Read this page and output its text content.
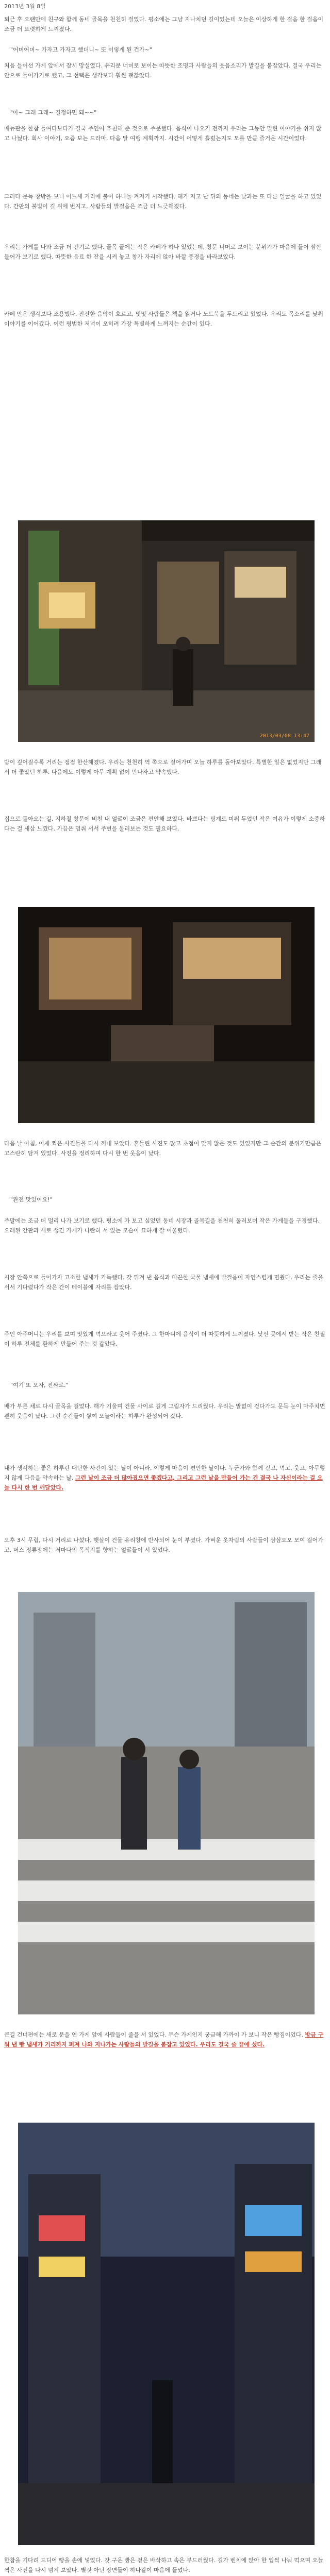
2013년 3월 8일
퇴근 후 오랜만에 친구와 함께 동네 골목을 천천히 걸었다. 평소에는 그냥 지나치던 길이었는데 오늘은 이상하게 한 걸음 한 걸음이 조금 더 또렷하게 느껴졌다.
"어머어머~ 가자고 가자고 했더니~ 또 이렇게 된 건가~"
처음 들어선 가게 앞에서 잠시 망설였다. 유리문 너머로 보이는 따뜻한 조명과 사람들의 웃음소리가 발길을 붙잡았다. 결국 우리는 안으로 들어가기로 했고, 그 선택은 생각보다 훨씬 괜찮았다.
"아~ 그래 그래~ 결정하면 돼~~"
메뉴판을 한참 들여다보다가 결국 주인이 추천해 준 것으로 주문했다. 음식이 나오기 전까지 우리는 그동안 밀린 이야기를 쉬지 않고 나눴다. 회사 이야기, 요즘 보는 드라마, 다음 달 여행 계획까지. 시간이 어떻게 흘렀는지도 모를 만큼 즐거운 시간이었다.
그러다 문득 창밖을 보니 어느새 거리에 불이 하나둘 켜지기 시작했다. 해가 지고 난 뒤의 동네는 낮과는 또 다른 얼굴을 하고 있었다. 간판의 불빛이 길 위에 번지고, 사람들의 발걸음은 조금 더 느긋해졌다.
우리는 가게를 나와 조금 더 걷기로 했다. 골목 끝에는 작은 카페가 하나 있었는데, 창문 너머로 보이는 분위기가 마음에 들어 잠깐 들어가 보기로 했다. 따뜻한 음료 한 잔을 시켜 놓고 창가 자리에 앉아 바깥 풍경을 바라보았다.
카페 안은 생각보다 조용했다. 잔잔한 음악이 흐르고, 몇몇 사람들은 책을 읽거나 노트북을 두드리고 있었다. 우리도 목소리를 낮춰 이야기를 이어갔다. 이런 평범한 저녁이 오히려 가장 특별하게 느껴지는 순간이 있다.
2013/03/08 13:47
밤이 깊어질수록 거리는 점점 한산해졌다. 우리는 천천히 역 쪽으로 걸어가며 오늘 하루를 돌아보았다. 특별한 일은 없었지만 그래서 더 좋았던 하루. 다음에도 이렇게 아무 계획 없이 만나자고 약속했다.
집으로 돌아오는 길, 지하철 창문에 비친 내 얼굴이 조금은 편안해 보였다. 바쁘다는 핑계로 미뤄 두었던 작은 여유가 이렇게 소중하다는 걸 새삼 느꼈다. 가끔은 멈춰 서서 주변을 둘러보는 것도 필요하다.
다음 날 아침, 어제 찍은 사진들을 다시 꺼내 보았다. 흔들린 사진도 많고 초점이 맞지 않은 것도 있었지만 그 순간의 분위기만큼은 고스란히 담겨 있었다. 사진을 정리하며 다시 한 번 웃음이 났다.
"완전 맛있어요!"
주말에는 조금 더 멀리 나가 보기로 했다. 평소에 가 보고 싶었던 동네 시장과 골목길을 천천히 둘러보며 작은 가게들을 구경했다. 오래된 간판과 새로 생긴 가게가 나란히 서 있는 모습이 묘하게 잘 어울렸다.
시장 안쪽으로 들어가자 고소한 냄새가 가득했다. 갓 튀겨 낸 음식과 따끈한 국물 냄새에 발걸음이 자연스럽게 멈췄다. 우리는 줄을 서서 기다렸다가 작은 간이 테이블에 자리를 잡았다.
주인 아주머니는 우리를 보며 맛있게 먹으라고 웃어 주셨다. 그 한마디에 음식이 더 따뜻하게 느껴졌다. 낯선 곳에서 받는 작은 친절이 하루 전체를 환하게 만들어 주는 것 같았다.
"여기 또 오자, 진짜로."
배가 부른 채로 다시 골목을 걸었다. 해가 기울며 건물 사이로 길게 그림자가 드리웠다. 우리는 말없이 걷다가도 문득 눈이 마주치면 괜히 웃음이 났다. 그런 순간들이 쌓여 오늘이라는 하루가 완성되어 갔다.
내가 생각하는 좋은 하루란 대단한 사건이 있는 날이 아니라, 이렇게 마음이 편안한 날이다. 누군가와 함께 걷고, 먹고, 웃고, 아무렇지 않게 다음을 약속하는 날. 그런 날이 조금 더 많아졌으면 좋겠다고, 그리고 그런 날을 만들어 가는 건 결국 나 자신이라는 걸 오늘 다시 한 번 깨달았다.
오후 3시 무렵, 다시 거리로 나섰다. 햇살이 건물 유리창에 반사되어 눈이 부셨다. 가벼운 옷차림의 사람들이 삼삼오오 모여 걸어가고, 버스 정류장에는 저마다의 목적지를 향하는 얼굴들이 서 있었다.
큰길 건너편에는 새로 문을 연 가게 앞에 사람들이 줄을 서 있었다. 무슨 가게인지 궁금해 가까이 가 보니 작은 빵집이었다. 방금 구워 낸 빵 냄새가 거리까지 퍼져 나와 지나가는 사람들의 발길을 붙잡고 있었다. 우리도 결국 줄 끝에 섰다.
한참을 기다려 드디어 빵을 손에 넣었다. 갓 구운 빵은 겉은 바삭하고 속은 부드러웠다. 길가 벤치에 앉아 한 입씩 나눠 먹으며 오늘 찍은 사진을 다시 넘겨 보았다. 별것 아닌 장면들이 하나같이 마음에 들었다.
